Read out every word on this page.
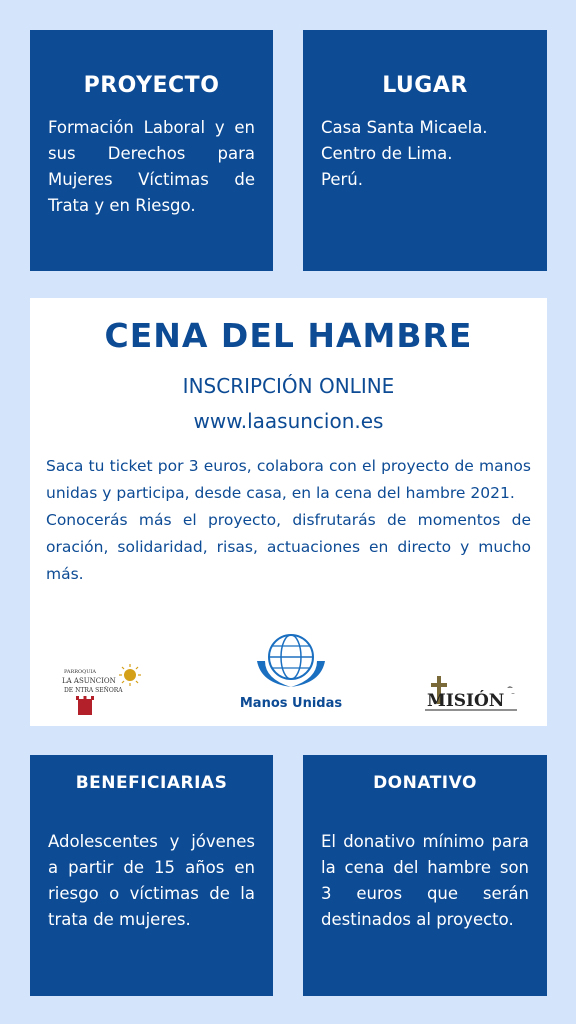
PROYECTO

Formación Laboral y en sus Derechos para Mujeres Víctimas de Trata y en Riesgo.

LUGAR

Casa Santa Micaela.
Centro de Lima.
Perú.

CENA DEL HAMBRE
INSCRIPCIÓN ONLINE
www.laasuncion.es
Saca tu ticket por 3 euros, colabora con el proyecto de manos unidas y participa, desde casa, en la cena del hambre 2021.
Conocerás más el proyecto, disfrutarás de momentos de oración, solidaridad, risas, actuaciones en directo y mucho más.
PARROQUIA
LA ASUNCION
DE NTRA SEÑORA
Manos Unidas	MISIÓN
BENEFICIARIAS

Adolescentes y jóvenes a partir de 15 años en riesgo o víctimas de la trata de mujeres.

DONATIVO

El donativo mínimo para la cena del hambre son 3 euros que serán destinados al proyecto.
